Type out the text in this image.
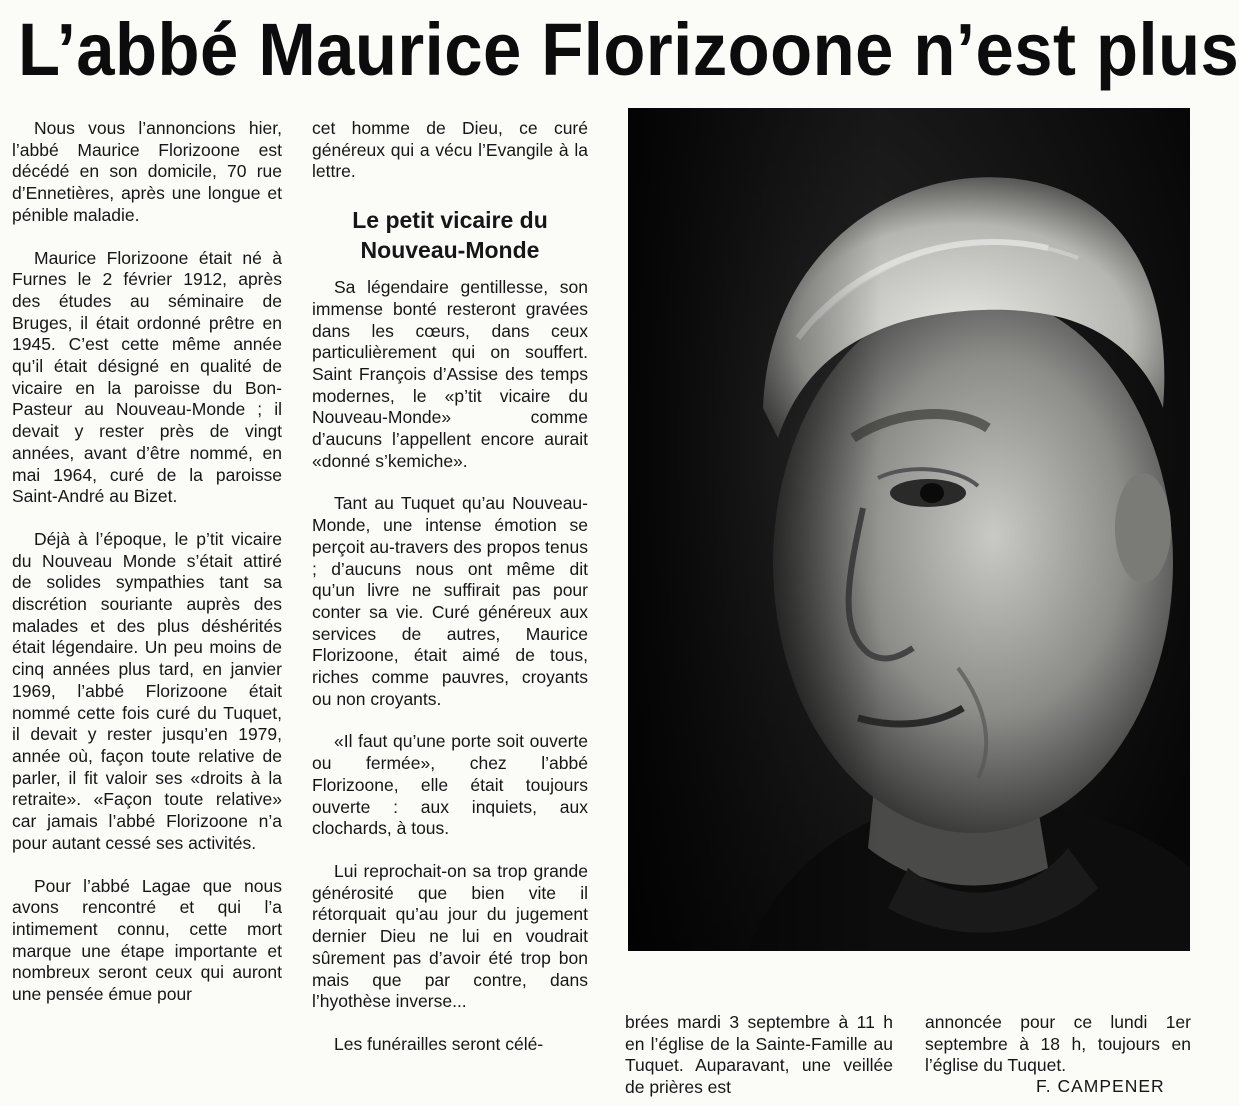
L’abbé Maurice Florizoone n’est plus

Nous vous l’annoncions hier, l’abbé Maurice Florizoone est décédé en son domicile, 70 rue d’Ennetières, après une longue et pénible maladie.

Maurice Florizoone était né à Furnes le 2 février 1912, après des études au séminaire de Bruges, il était ordonné prêtre en 1945. C’est cette même année qu’il était désigné en qualité de vicaire en la paroisse du Bon-Pasteur au Nouveau-Monde ; il devait y rester près de vingt années, avant d’être nommé, en mai 1964, curé de la paroisse Saint-André au Bizet.

Déjà à l’époque, le p’tit vicaire du Nouveau Monde s’était attiré de solides sympathies tant sa discrétion souriante auprès des malades et des plus déshérités était légendaire. Un peu moins de cinq années plus tard, en janvier 1969, l’abbé Florizoone était nommé cette fois curé du Tuquet, il devait y rester jusqu’en 1979, année où, façon toute relative de parler, il fit valoir ses «droits à la retraite». «Façon toute relative» car jamais l’abbé Florizoone n’a pour autant cessé ses activités.

Pour l’abbé Lagae que nous avons rencontré et qui l’a intimement connu, cette mort marque une étape importante et nombreux seront ceux qui auront une pensée émue pour

cet homme de Dieu, ce curé généreux qui a vécu l’Evangile à la lettre.

Le petit vicaire du Nouveau-Monde

Sa légendaire gentillesse, son immense bonté resteront gravées dans les cœurs, dans ceux particulièrement qui on souffert. Saint François d’Assise des temps modernes, le «p’tit vicaire du Nouveau-Monde» comme d’aucuns l’appellent encore aurait «donné s’kemiche».

Tant au Tuquet qu’au Nouveau-Monde, une intense émotion se perçoit au-travers des propos tenus ; d’aucuns nous ont même dit qu’un livre ne suffirait pas pour conter sa vie. Curé généreux aux services de autres, Maurice Florizoone, était aimé de tous, riches comme pauvres, croyants ou non croyants.

«Il faut qu’une porte soit ouverte ou fermée», chez l’abbé Florizoone, elle était toujours ouverte : aux inquiets, aux clochards, à tous.

Lui reprochait-on sa trop grande générosité que bien vite il rétorquait qu’au jour du jugement dernier Dieu ne lui en voudrait sûrement pas d’avoir été trop bon mais que par contre, dans l’hyothèse inverse...

Les funérailles seront célé-

brées mardi 3 septembre à 11 h en l’église de la Sainte-Famille au Tuquet. Auparavant, une veillée de prières est

annoncée pour ce lundi 1er septembre à 18 h, toujours en l’église du Tuquet.

F. CAMPENER
